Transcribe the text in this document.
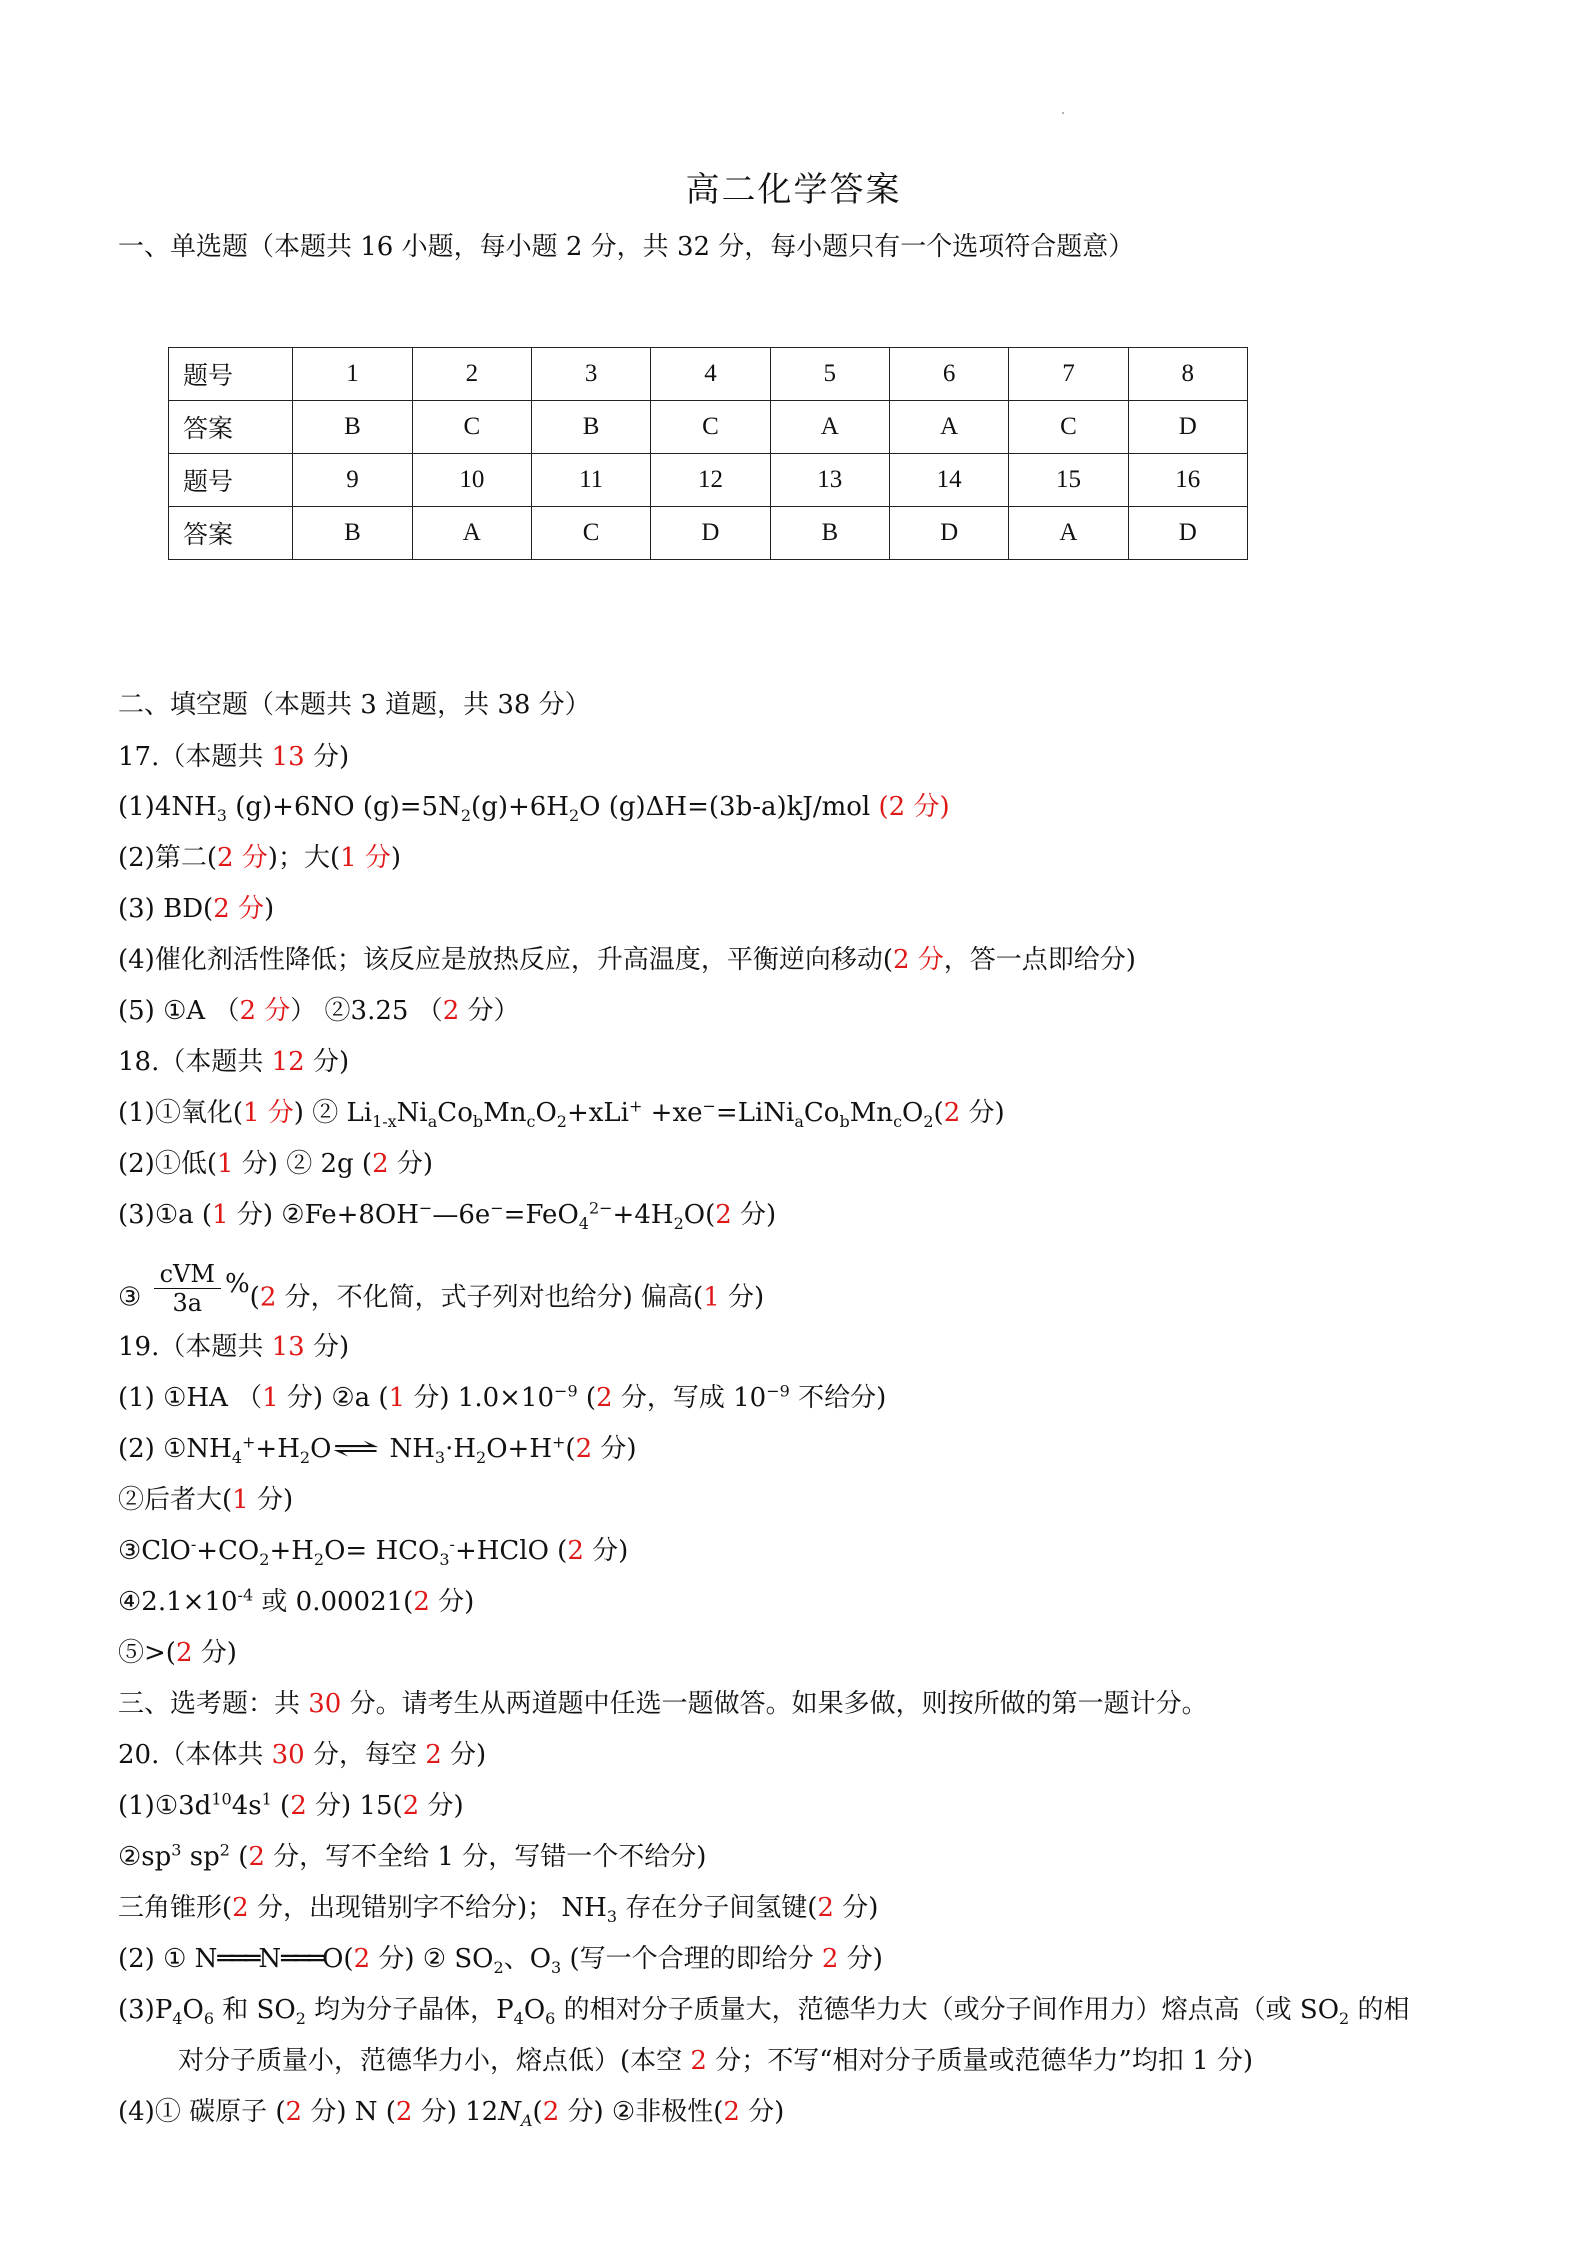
高二化学答案
一、单选题（本题共 16 小题，每小题 2 分，共 32 分，每小题只有一个选项符合题意）
题号	1	2	3	4	5	6	7	8
答案	B	C	B	C	A	A	C	D
题号	9	10	11	12	13	14	15	16
答案	B	A	C	D	B	D	A	D
二、填空题（本题共 3 道题，共 38 分）
17.（本题共 13 分)
$(1)4NH_3$ (g)+6NO $(g)=5N_2(g)+6H_2O$ (g)ΔH=(3b-a)kJ/mol (2 分)
(2)第二(2 分)；大(1 分)
(3) BD(2 分)
(4)催化剂活性降低；该反应是放热反应，升高温度，平衡逆向移动(2 分，答一点即给分)
(5) ①A （2 分） ②3.25 （2 分）
18.（本题共 12 分)
(1)①氧化(1 分) ② $Li_{1-x}Ni_aCo_bMn_cO_2+xLi^+$ $+xe^-=LiNi_aCo_bMn_cO_2(2$ 分)
(2)①低(1 分) ② 2g (2 分)
(3)①a (1 分) $②Fe+8OH^-—6e^-=FeO_4^{2-}+4H_2O(2$ 分)
③ $\frac{\text{cVM}}{3a} \%(2$ 分，不化简，式子列对也给分) 偏高(1 分)
19.（本题共 13 分)
(1) ①HA （1 分) ②a (1 分) $1.0\times 10^{-9}$ (2 分，写成 $10^{-9}$ 不给分)
(2) $①NH_4^++H_2O\rightleftharpoons$ $NH_3\cdot H_2O+H^+(2$ 分)
②后者大(1 分)
$③ClO^-+CO_2+H_2O=$ $HCO_3^-+HClO$ (2 分)
$④2.1\times 10^{-4}$ 或 0.00021(2 分)
⑤>(2 分)
三、选考题：共 30 分。请考生从两道题中任选一题做答。如果多做，则按所做的第一题计分。
20.（本体共 30 分，每空 2 分)
$(1)①3d^{10}4s^1$ (2 分) 15(2 分)
$②sp^3$ $sp^2$ (2 分，写不全给 1 分，写错一个不给分)
三角锥形(2 分，出现错别字不给分)； $NH_3$ 存在分子间氢键(2 分)
(2) ① N═══N═══O(2 分) ② $SO_2$、$O_3$ (写一个合理的即给分 2 分)
$(3)P_4O_6$ 和 $SO_2$ 均为分子晶体，$P_4O_6$ 的相对分子质量大，范德华力大（或分子间作用力）熔点高（或 $SO_2$ 的相
对分子质量小，范德华力小，熔点低）(本空 2 分；不写“相对分子质量或范德华力”均扣 1 分)
(4)① 碳原子 (2 分) N (2 分) $12N_A(2$ 分) ②非极性(2 分)
